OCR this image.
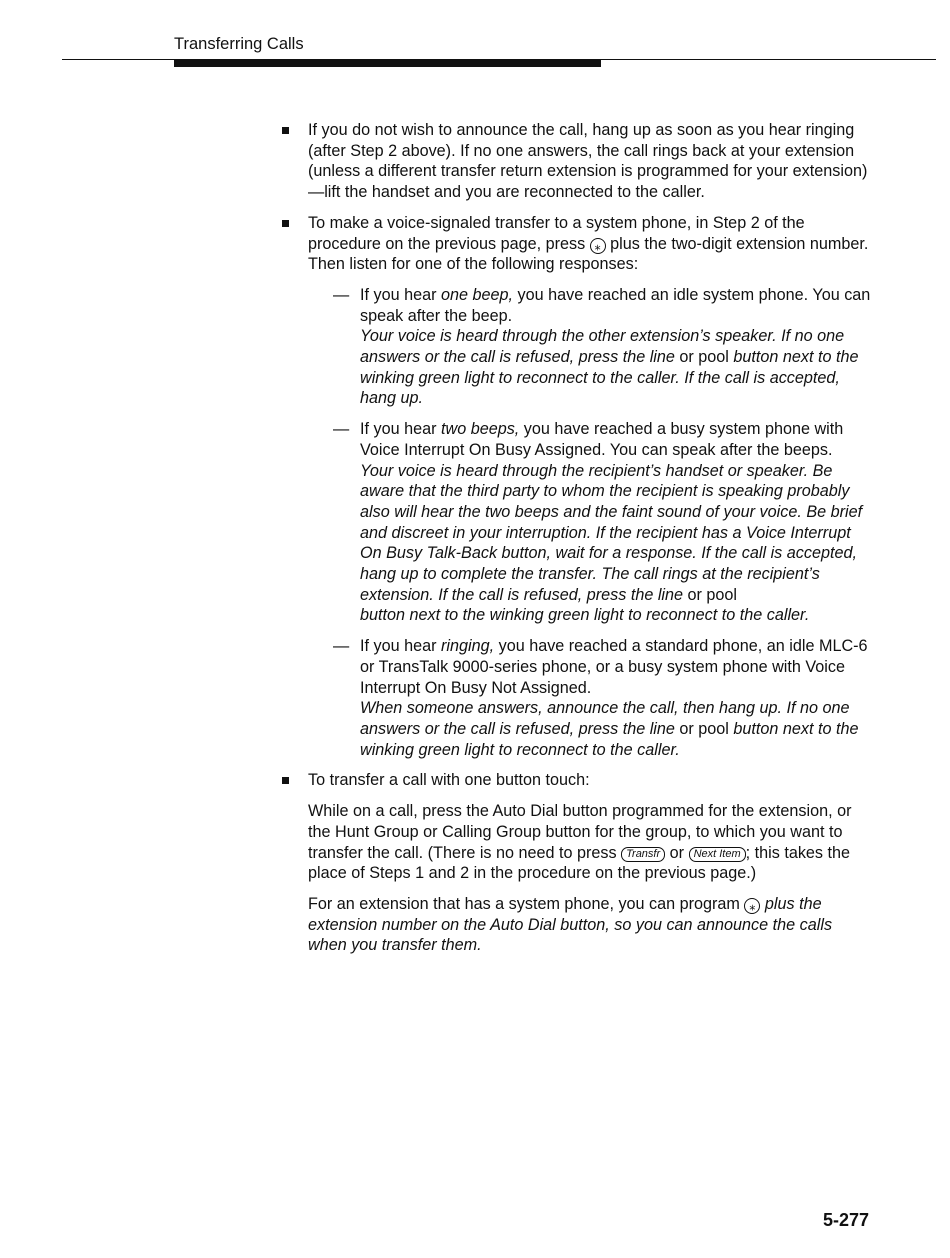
Transferring Calls
If you do not wish to announce the call, hang up as soon as you hear ringing (after Step 2 above). If no one answers, the call rings back at your extension (unless a different transfer return extension is programmed for your extension)—lift the handset and you are reconnected to the caller.
To make a voice-signaled transfer to a system phone, in Step 2 of the procedure on the previous page, press ⁎ plus the two-digit extension number. Then listen for one of the following responses:
— If you hear one beep, you have reached an idle system phone. You can speak after the beep.
Your voice is heard through the other extension’s speaker. If no one answers or the call is refused, press the line or pool button next to the winking green light to reconnect to the caller. If the call is accepted, hang up.
— If you hear two beeps, you have reached a busy system phone with Voice Interrupt On Busy Assigned. You can speak after the beeps.
Your voice is heard through the recipient’s handset or speaker. Be aware that the third party to whom the recipient is speaking probably also will hear the two beeps and the faint sound of your voice. Be brief and discreet in your interruption. If the recipient has a Voice Interrupt On Busy Talk-Back button, wait for a response. If the call is accepted, hang up to complete the transfer. The call rings at the recipient’s extension. If the call is refused, press the line or pool
button next to the winking green light to reconnect to the caller.
— If you hear ringing, you have reached a standard phone, an idle MLC-6 or TransTalk 9000-series phone, or a busy system phone with Voice Interrupt On Busy Not Assigned.
When someone answers, announce the call, then hang up. If no one answers or the call is refused, press the line or pool button next to the winking green light to reconnect to the caller.
To transfer a call with one button touch:
While on a call, press the Auto Dial button programmed for the extension, or the Hunt Group or Calling Group button for the group, to which you want to transfer the call. (There is no need to press Transfr or Next Item ; this takes the place of Steps 1 and 2 in the procedure on the previous page.)
For an extension that has a system phone, you can program ⁎ plus the extension number on the Auto Dial button, so you can announce the calls when you transfer them.
5-277
